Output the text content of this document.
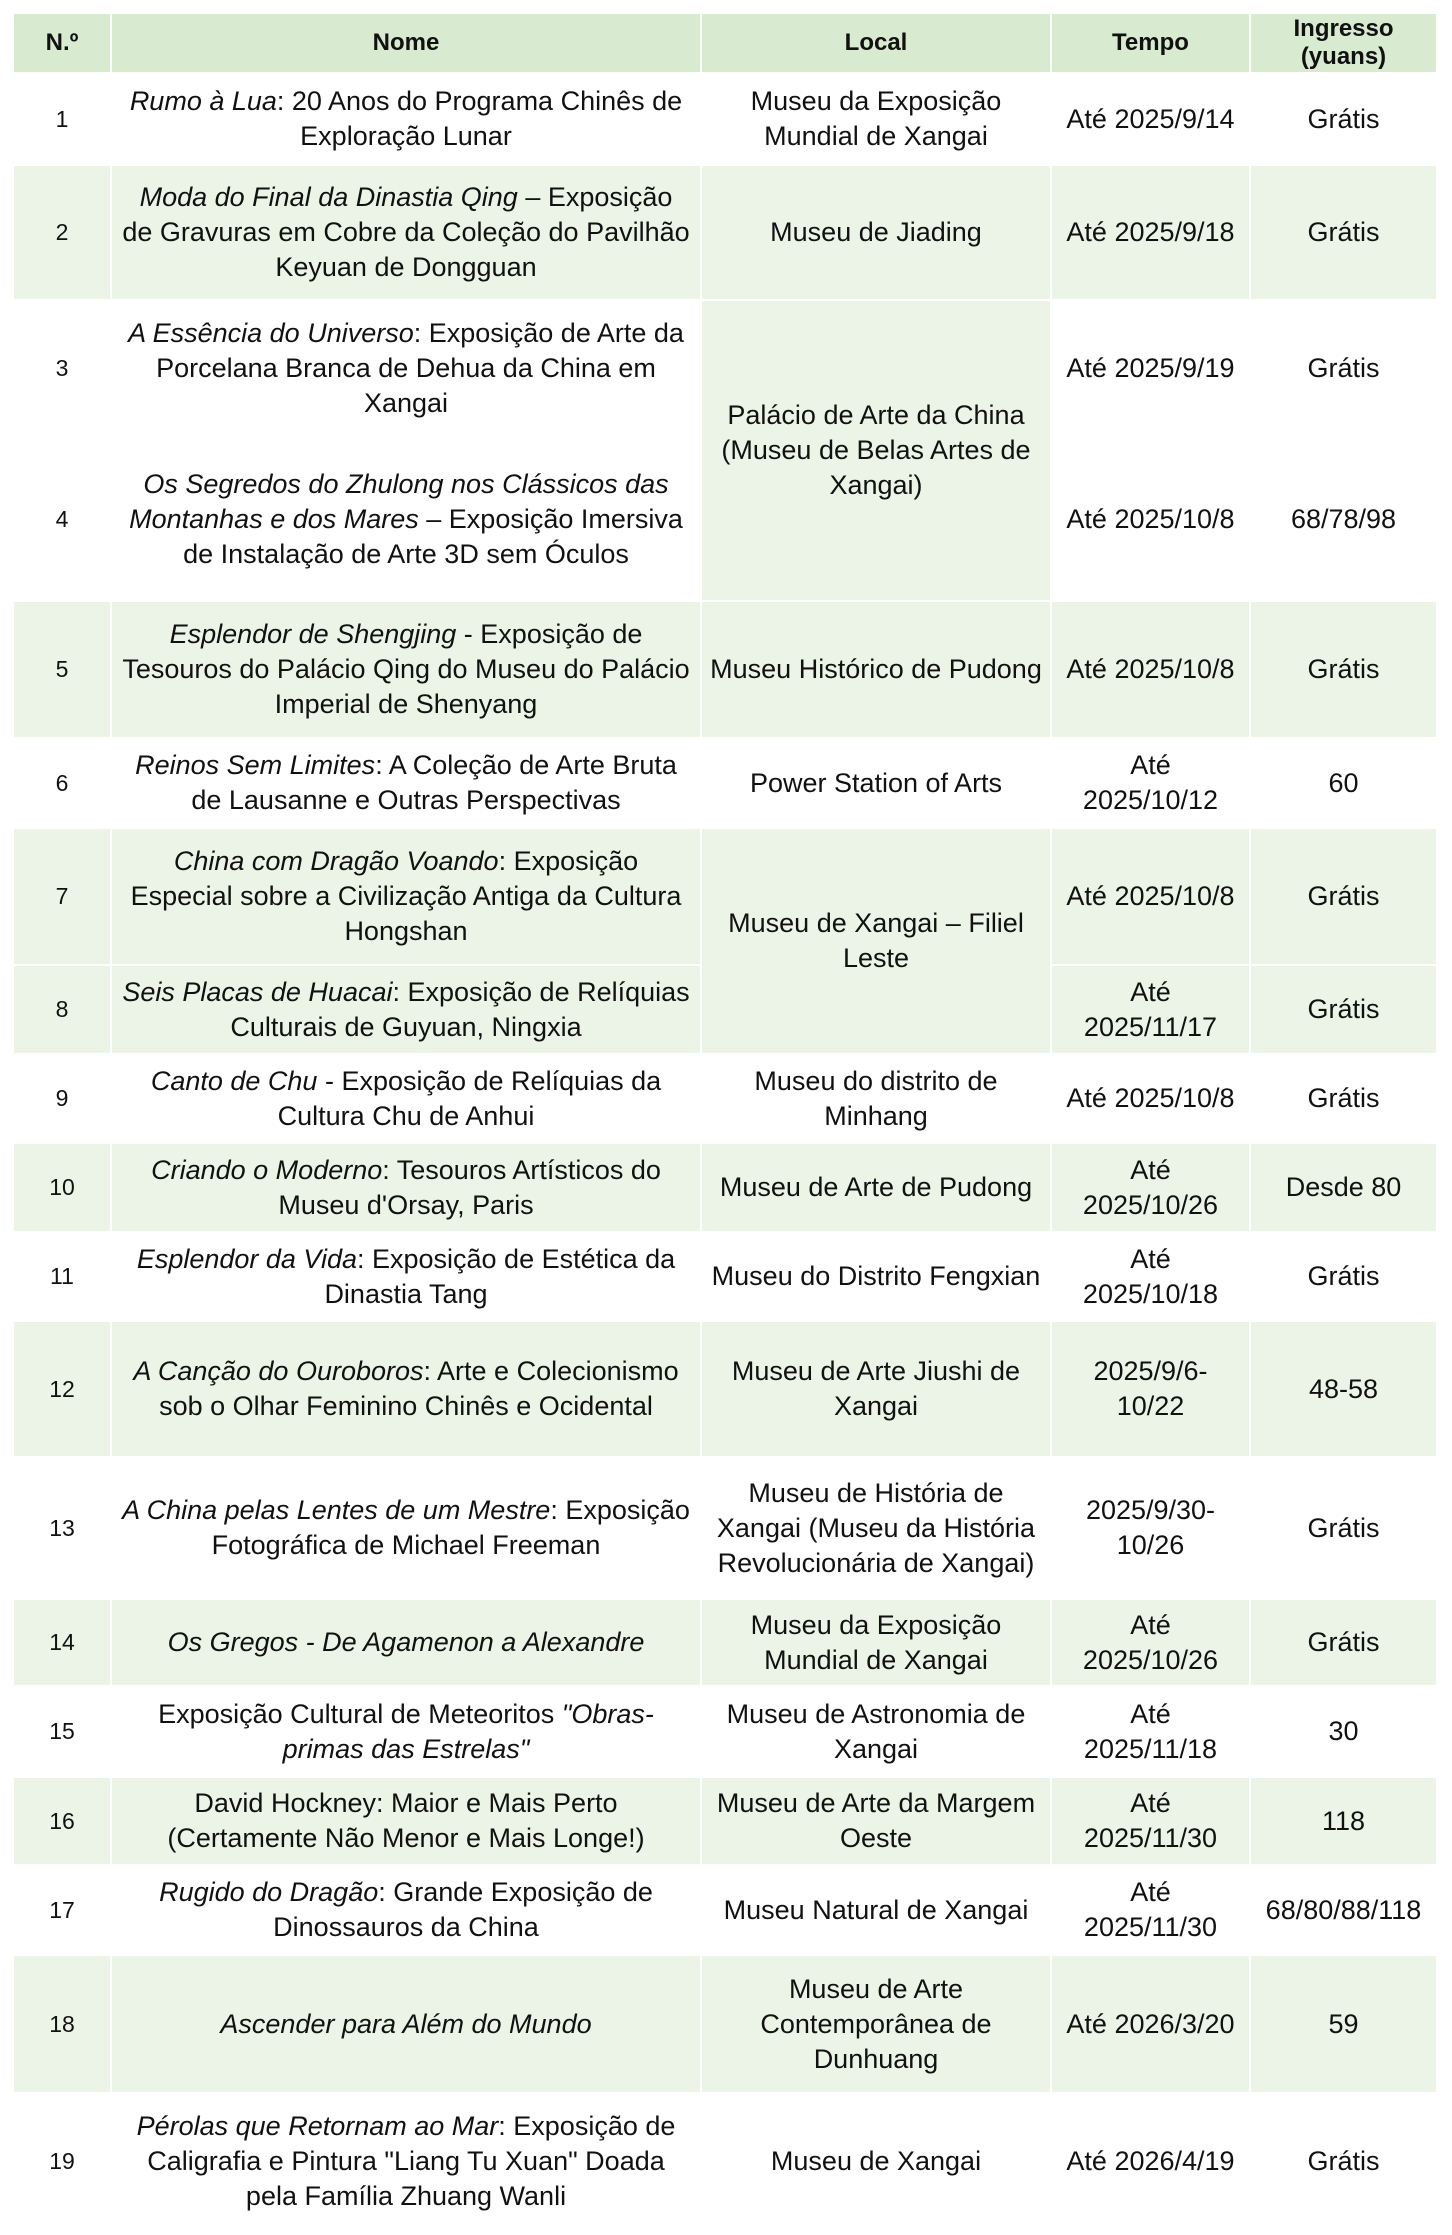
N.º	Nome	Local	Tempo	Ingresso
(yuans)
1	Rumo à Lua: 20 Anos do Programa Chinês de Exploração Lunar	Museu da Exposição Mundial de Xangai	Até 2025/9/14	Grátis
2	Moda do Final da Dinastia Qing – Exposição de Gravuras em Cobre da Coleção do Pavilhão Keyuan de Dongguan	Museu de Jiading	Até 2025/9/18	Grátis
3	A Essência do Universo: Exposição de Arte da Porcelana Branca de Dehua da China em Xangai	Palácio de Arte da China (Museu de Belas Artes de Xangai)	Até 2025/9/19	Grátis
4	Os Segredos do Zhulong nos Clássicos das Montanhas e dos Mares – Exposição Imersiva de Instalação de Arte 3D sem Óculos		Até 2025/10/8	68/78/98
5	Esplendor de Shengjing - Exposição de Tesouros do Palácio Qing do Museu do Palácio Imperial de Shenyang	Museu Histórico de Pudong	Até 2025/10/8	Grátis
6	Reinos Sem Limites: A Coleção de Arte Bruta de Lausanne e Outras Perspectivas	Power Station of Arts	Até 2025/10/12	60
7	China com Dragão Voando: Exposição Especial sobre a Civilização Antiga da Cultura Hongshan	Museu de Xangai – Filiel Leste	Até 2025/10/8	Grátis
8	Seis Placas de Huacai: Exposição de Relíquias Culturais de Guyuan, Ningxia		Até 2025/11/17	Grátis
9	Canto de Chu - Exposição de Relíquias da Cultura Chu de Anhui	Museu do distrito de Minhang	Até 2025/10/8	Grátis
10	Criando o Moderno: Tesouros Artísticos do Museu d'Orsay, Paris	Museu de Arte de Pudong	Até 2025/10/26	Desde 80
11	Esplendor da Vida: Exposição de Estética da Dinastia Tang	Museu do Distrito Fengxian	Até 2025/10/18	Grátis
12	A Canção do Ouroboros: Arte e Colecionismo sob o Olhar Feminino Chinês e Ocidental	Museu de Arte Jiushi de Xangai	2025/9/6-10/22	48-58
13	A China pelas Lentes de um Mestre: Exposição Fotográfica de Michael Freeman	Museu de História de Xangai (Museu da História Revolucionária de Xangai)	2025/9/30-10/26	Grátis
14	Os Gregos - De Agamenon a Alexandre	Museu da Exposição Mundial de Xangai	Até 2025/10/26	Grátis
15	Exposição Cultural de Meteoritos "Obras-primas das Estrelas"	Museu de Astronomia de Xangai	Até 2025/11/18	30
16	David Hockney: Maior e Mais Perto (Certamente Não Menor e Mais Longe!)	Museu de Arte da Margem Oeste	Até 2025/11/30	118
17	Rugido do Dragão: Grande Exposição de Dinossauros da China	Museu Natural de Xangai	Até 2025/11/30	68/80/88/118
18	Ascender para Além do Mundo	Museu de Arte Contemporânea de Dunhuang	Até 2026/3/20	59
19	Pérolas que Retornam ao Mar: Exposição de Caligrafia e Pintura "Liang Tu Xuan" Doada pela Família Zhuang Wanli	Museu de Xangai	Até 2026/4/19	Grátis
